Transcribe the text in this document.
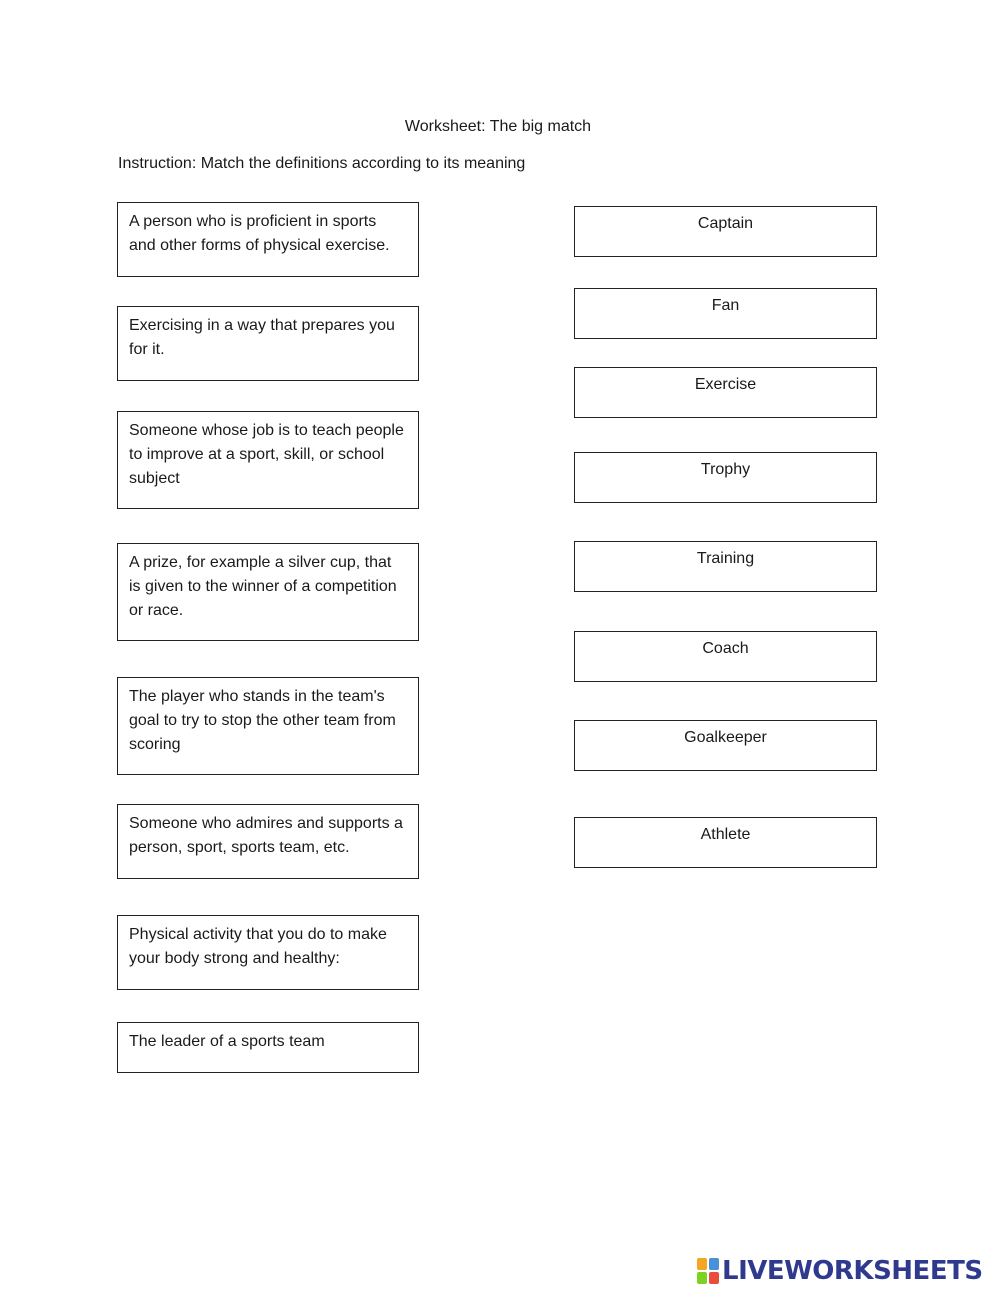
Worksheet: The big match
Instruction: Match the definitions according to its meaning
A person who is proficient in sports and other forms of physical exercise.
Exercising in a way that prepares you for it.
Someone whose job is to teach people to improve at a sport, skill, or school subject
A prize, for example a silver cup, that is given to the winner of a competition or race.
The player who stands in the team's goal to try to stop the other team from scoring
Someone who admires and supports a person, sport, sports team, etc.
Physical activity that you do to make your body strong and healthy:
The leader of a sports team
Captain
Fan
Exercise
Trophy
Training
Coach
Goalkeeper
Athlete
LIVEWORKSHEETS
